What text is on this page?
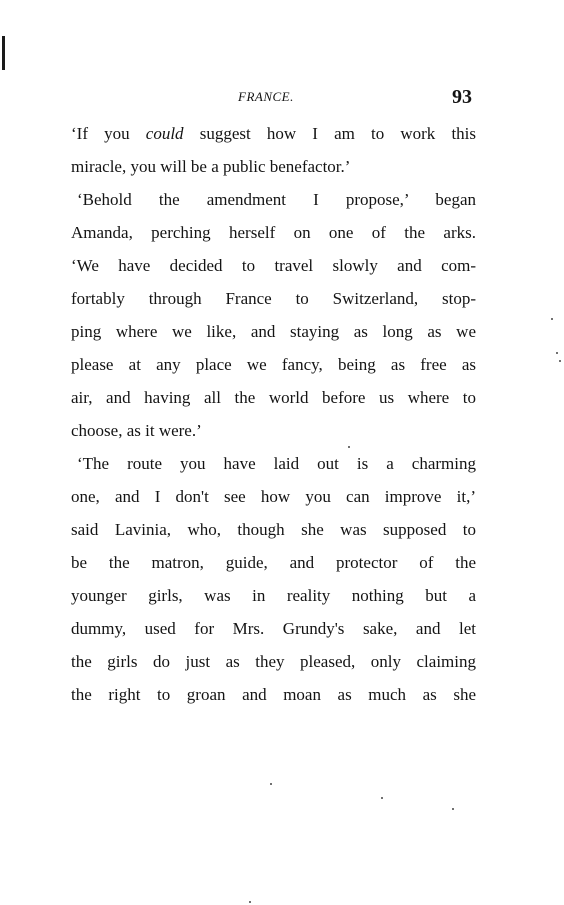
FRANCE.	93
‘If you could suggest how I am to work this
miracle, you will be a public benefactor.’
‘Behold the amendment I propose,’ began
Amanda, perching herself on one of the arks.
‘We have decided to travel slowly and com-
fortably through France to Switzerland, stop-
ping where we like, and staying as long as we
please at any place we fancy, being as free as
air, and having all the world before us where to
choose, as it were.’
‘The route you have laid out is a charming
one, and I don't see how you can improve it,’
said Lavinia, who, though she was supposed to
be the matron, guide, and protector of the
younger girls, was in reality nothing but a
dummy, used for Mrs. Grundy's sake, and let
the girls do just as they pleased, only claiming
the right to groan and moan as much as she
